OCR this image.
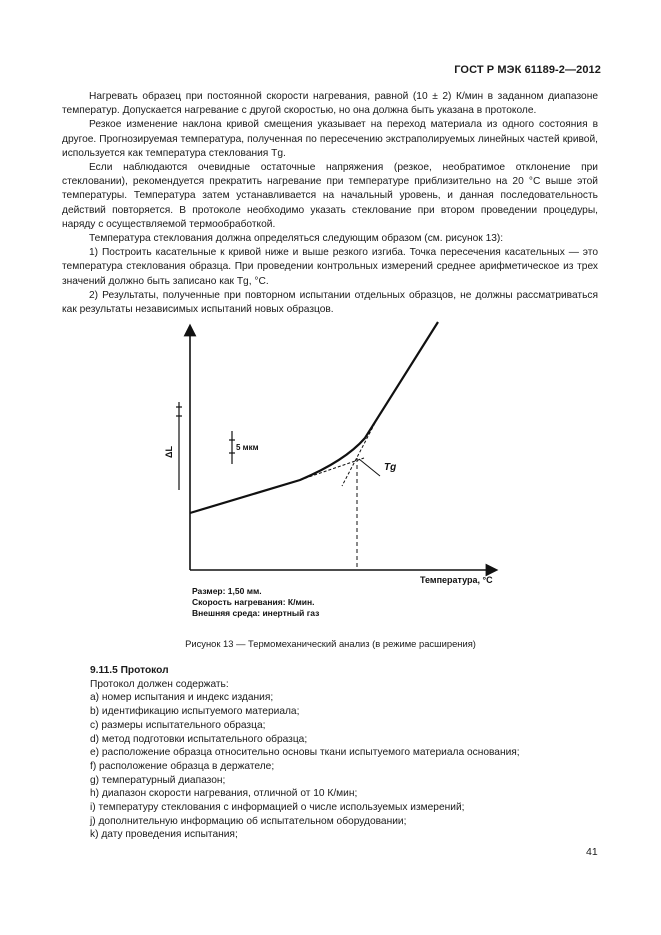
ГОСТ Р МЭК 61189-2—2012

Нагревать образец при постоянной скорости нагревания, равной (10 ± 2) К/мин в заданном диапазоне температур. Допускается нагревание с другой скоростью, но она должна быть указана в протоколе.

Резкое изменение наклона кривой смещения указывает на переход материала из одного состояния в другое. Прогнозируемая температура, полученная по пересечению экстраполируемых линейных частей кривой, используется как температура стеклования Tg.

Если наблюдаются очевидные остаточные напряжения (резкое, необратимое отклонение при стекловании), рекомендуется прекратить нагревание при температуре приблизительно на 20 °С выше этой температуры. Температура затем устанавливается на начальный уровень, и данная последовательность действий повторяется. В протоколе необходимо указать стеклование при втором проведении процедуры, наряду с осуществляемой термообработкой.

Температура стеклования должна определяться следующим образом (см. рисунок 13):

1) Построить касательные к кривой ниже и выше резкого изгиба. Точка пересечения касательных — это температура стеклования образца. При проведении контрольных измерений среднее арифметическое из трех значений должно быть записано как Tg, °С.

2) Результаты, полученные при повторном испытании отдельных образцов, не должны рассматриваться как результаты независимых испытаний новых образцов.

ΔL	5 мкм
Tg
Температура, °С
Размер: 1,50 мм.
Скорость нагревания: К/мин.
Внешняя среда: инертный газ
Рисунок 13 — Термомеханический анализ (в режиме расширения)
9.11.5 Протокол
Протокол должен содержать:
a) номер испытания и индекс издания;
b) идентификацию испытуемого материала;
c) размеры испытательного образца;
d) метод подготовки испытательного образца;
e) расположение образца относительно основы ткани испытуемого материала основания;
f) расположение образца в держателе;
g) температурный диапазон;
h) диапазон скорости нагревания, отличной от 10 К/мин;
i) температуру стеклования с информацией о числе используемых измерений;
j) дополнительную информацию об испытательном оборудовании;
k) дату проведения испытания;
41
